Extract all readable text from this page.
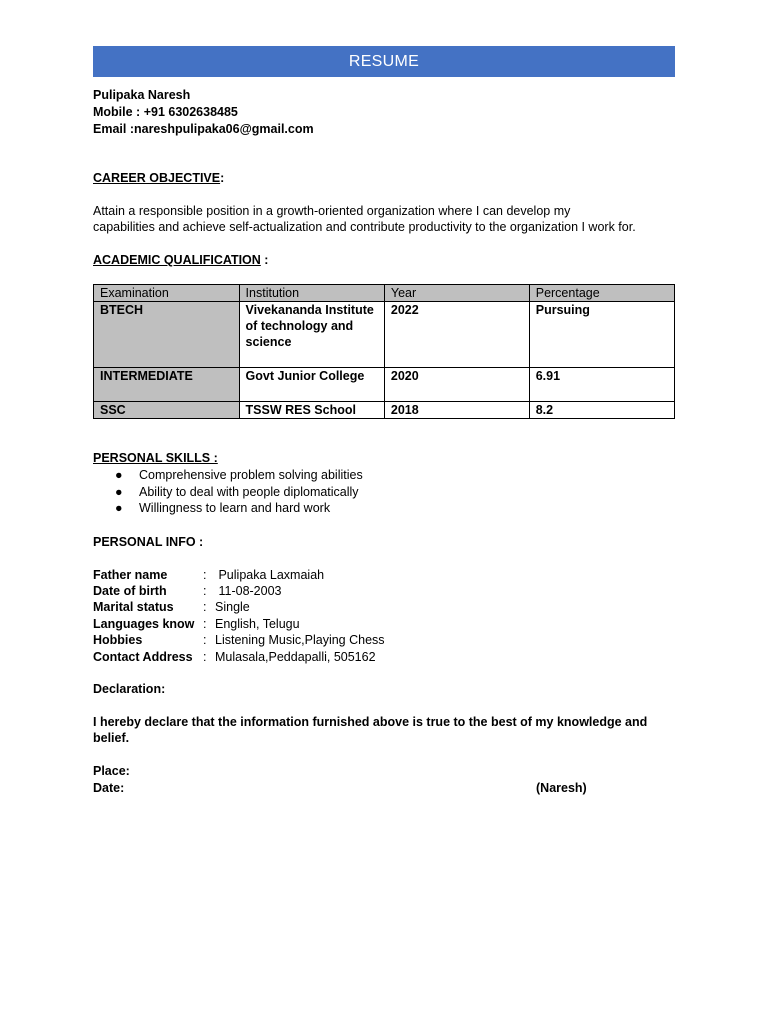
RESUME
Pulipaka Naresh
Mobile : +91 6302638485
Email :nareshpulipaka06@gmail.com
CAREER OBJECTIVE:
Attain a responsible position in a growth-oriented organization where I can develop my
capabilities and achieve self-actualization and contribute productivity to the organization I work for.
ACADEMIC QUALIFICATION :
Examination	Institution	Year	Percentage
BTECH	Vivekananda Institute of technology and science	2022	Pursuing
INTERMEDIATE	Govt Junior College	2020	6.91
SSC	TSSW RES School	2018	8.2
PERSONAL SKILLS :
● Comprehensive problem solving abilities
● Ability to deal with people diplomatically
● Willingness to learn and hard work
PERSONAL INFO :
Father name	: Pulipaka Laxmaiah
Date of birth	: 11-08-2003
Marital status : Single
Languages know : English, Telugu
Hobbies	: Listening Music,Playing Chess
Contact Address : Mulasala,Peddapalli, 505162
Declaration:
I hereby declare that the information furnished above is true to the best of my knowledge and
belief.
Place:
Date:	(Naresh)
